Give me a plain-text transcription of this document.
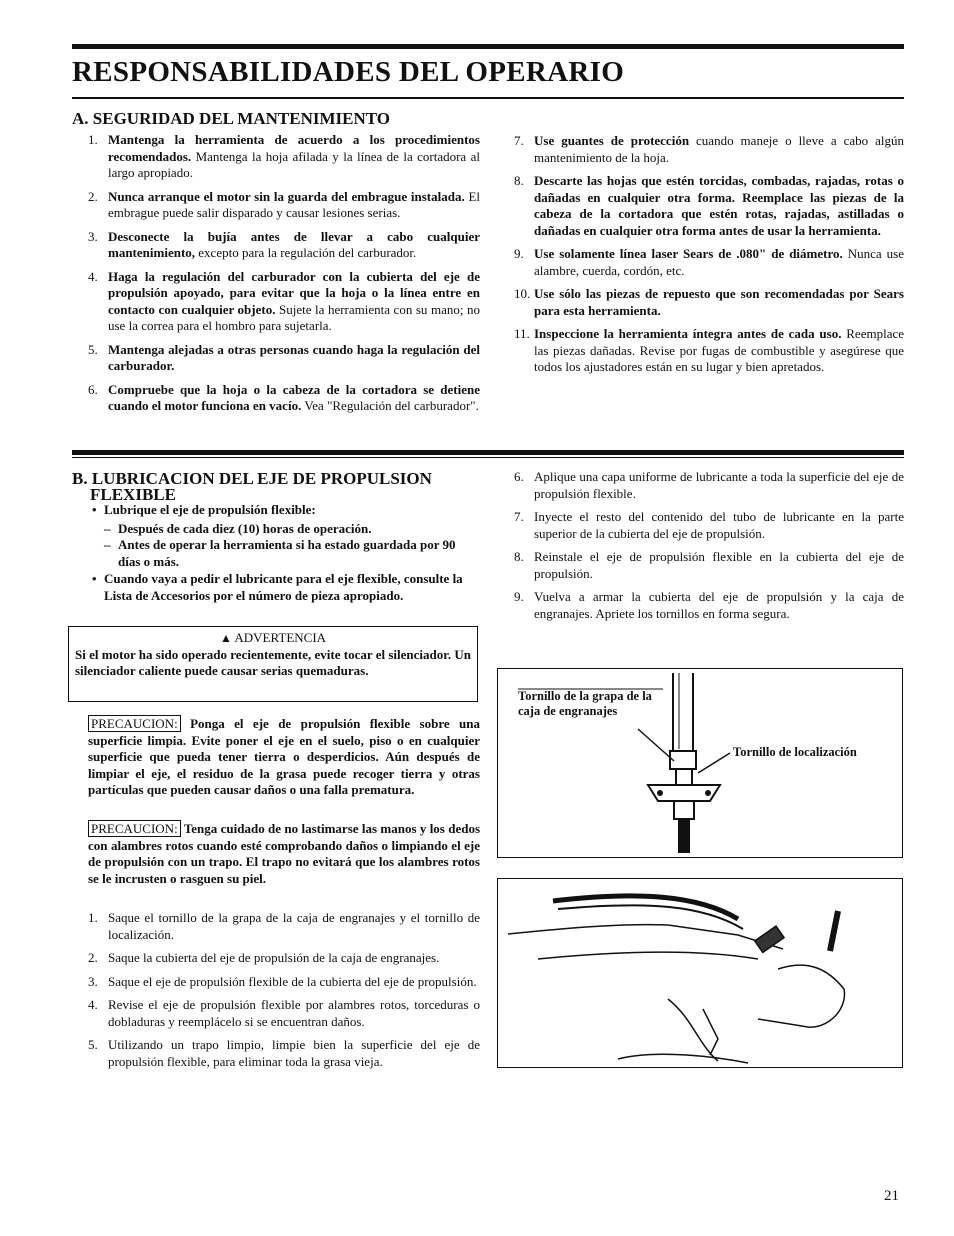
RESPONSABILIDADES DEL OPERARIO
A. SEGURIDAD DEL MANTENIMIENTO
1. Mantenga la herramienta de acuerdo a los procedimientos recomendados. Mantenga la hoja afilada y la línea de la cortadora al largo apropiado.
2. Nunca arranque el motor sin la guarda del embrague instalada. El embrague puede salir disparado y causar lesiones serias.
3. Desconecte la bujía antes de llevar a cabo cualquier mantenimiento, excepto para la regulación del carburador.
4. Haga la regulación del carburador con la cubierta del eje de propulsión apoyado, para evitar que la hoja o la línea entre en contacto con cualquier objeto. Sujete la herramienta con su mano; no use la correa para el hombro para sujetarla.
5. Mantenga alejadas a otras personas cuando haga la regulación del carburador.
6. Compruebe que la hoja o la cabeza de la cortadora se detiene cuando el motor funciona en vacío. Vea "Regulación del carburador".
7. Use guantes de protección cuando maneje o lleve a cabo algún mantenimiento de la hoja.
8. Descarte las hojas que estén torcidas, combadas, rajadas, rotas o dañadas en cualquier otra forma. Reemplace las piezas de la cabeza de la cortadora que estén rotas, rajadas, astilladas o dañadas en cualquier otra forma antes de usar la herramienta.
9. Use solamente línea laser Sears de .080" de diámetro. Nunca use alambre, cuerda, cordón, etc.
10. Use sólo las piezas de repuesto que son recomendadas por Sears para esta herramienta.
11. Inspeccione la herramienta íntegra antes de cada uso. Reemplace las piezas dañadas. Revise por fugas de combustible y asegúrese que todos los ajustadores están en su lugar y bien apretados.
B. LUBRICACION DEL EJE DE PROPULSION
FLEXIBLE
• Lubrique el eje de propulsión flexible:
– Después de cada diez (10) horas de operación.
– Antes de operar la herramienta si ha estado guardada por 90 días o más.
• Cuando vaya a pedir el lubricante para el eje flexible, consulte la Lista de Accesorios por el número de pieza apropiado.
▲ ADVERTENCIA
Si el motor ha sido operado recientemente, evite tocar el silenciador. Un silenciador caliente puede causar serias quemaduras.
PRECAUCION: Ponga el eje de propulsión flexible sobre una superficie limpia. Evite poner el eje en el suelo, piso o en cualquier superficie que pueda tener tierra o desperdicios. Aún después de limpiar el eje, el residuo de la grasa puede recoger tierra y otras partículas que pueden causar daños o una falla prematura.
PRECAUCION: Tenga cuidado de no lastimarse las manos y los dedos con alambres rotos cuando esté comprobando daños o limpiando el eje de propulsión con un trapo. El trapo no evitará que los alambres rotos se le incrusten o rasguen su piel.
1. Saque el tornillo de la grapa de la caja de engranajes y el tornillo de localización.
2. Saque la cubierta del eje de propulsión de la caja de engranajes.
3. Saque el eje de propulsión flexible de la cubierta del eje de propulsión.
4. Revise el eje de propulsión flexible por alambres rotos, torceduras o dobladuras y reemplácelo si se encuentran daños.
5. Utilizando un trapo limpio, limpie bien la superficie del eje de propulsión flexible, para eliminar toda la grasa vieja.
6. Aplique una capa uniforme de lubricante a toda la superficie del eje de propulsión flexible.
7. Inyecte el resto del contenido del tubo de lubricante en la parte superior de la cubierta del eje de propulsión.
8. Reinstale el eje de propulsión flexible en la cubierta del eje de propulsión.
9. Vuelva a armar la cubierta del eje de propulsión y la caja de engranajes. Apriete los tornillos en forma segura.
Tornillo de la grapa de la caja de engranajes
Tornillo de localización
21
